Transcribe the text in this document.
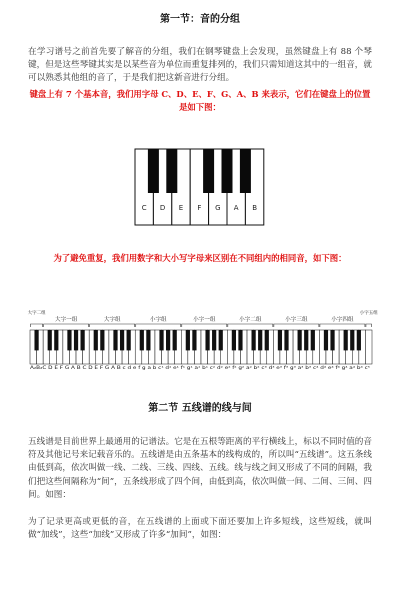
第一节：音的分组
在学习谱号之前首先要了解音的分组，我们在钢琴键盘上会发现，虽然键盘上有 88 个琴键，但是这些琴键其实是以某些音为单位而重复排列的，我们只需知道这其中的一组音，就可以熟悉其他组的音了，于是我们把这新音进行分组。
键盘上有 7 个基本音，我们用字母 C、D、E、F、G、A、B 来表示，它们在键盘上的位置是如下图：
C D E F G A B
为了避免重复，我们用数字和大小写字母来区别在不同组内的相同音，如下图：
大字二组
大字一组	大字组	小字组	小字一组	小字二组	小字三组	小字四组
小字五组
A₂B₂C D E F G A B C D E F G A B c d e f g a b c¹ d¹ e¹ f¹ g¹ a¹ b¹ c² d² e² f² g² a² b² c³ d³ e³ f³ g³ a³ b³ c⁴ d⁴ e⁴ f⁴ g⁴ a⁴ b⁴ c⁵
第二节 五线谱的线与间
五线谱是目前世界上最通用的记谱法。它是在五根等距离的平行横线上，标以不同时值的音符及其他记号来记载音乐的。五线谱是由五条基本的线构成的，所以叫“五线谱”。这五条线由低到高，依次叫做一线、二线、三线、四线、五线。线与线之间又形成了不同的间隔，我们把这些间隔称为“间”，五条线形成了四个间，由低到高，依次叫做一间、二间、三间、四间。如图：
为了记录更高或更低的音，在五线谱的上面或下面还要加上许多短线，这些短线，就叫做“加线”，这些“加线”又形成了许多“加间”，如图：
